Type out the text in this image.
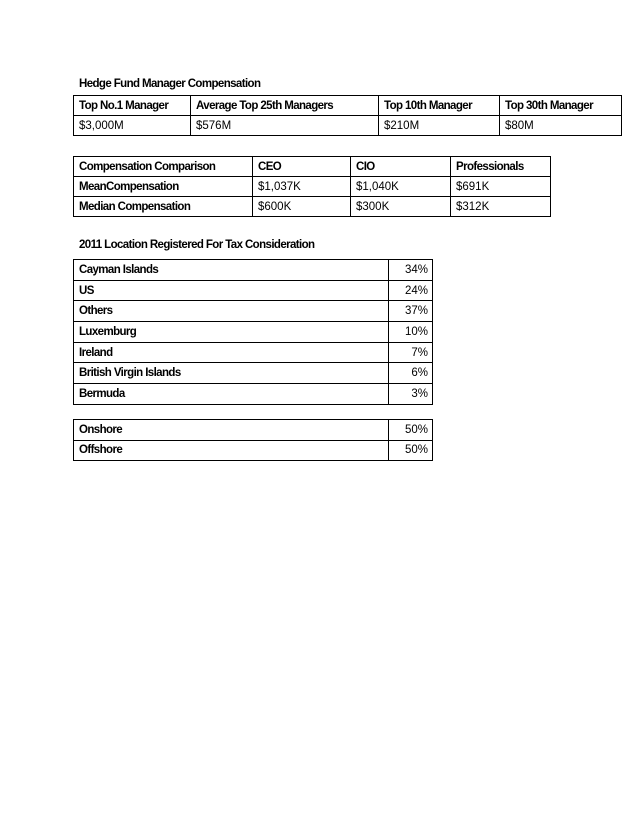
Hedge Fund Manager Compensation
Top No.1 Manager	Average Top 25th Managers	Top 10th Manager	Top 30th Manager
$3,000M	$576M	$210M	$80M
Compensation Comparison	CEO	CIO	Professionals
MeanCompensation	$1,037K	$1,040K	$691K
Median Compensation	$600K	$300K	$312K
2011 Location Registered For Tax Consideration
Cayman Islands	34%
US	24%
Others	37%
Luxemburg	10%
Ireland	7%
British Virgin Islands	6%
Bermuda	3%
Onshore	50%
Offshore	50%
